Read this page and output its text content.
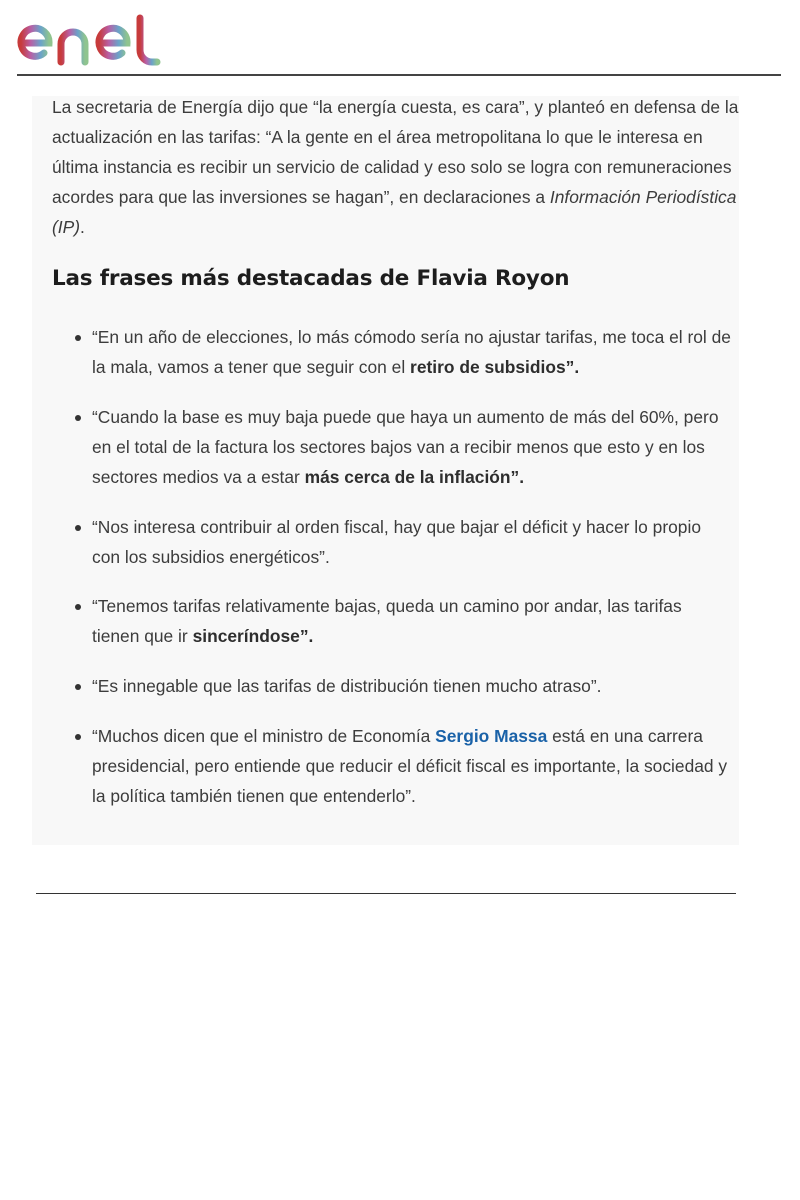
La secretaria de Energía dijo que “la energía cuesta, es cara”, y planteó en defensa de la actualización en las tarifas: “A la gente en el área metropolitana lo que le interesa en última instancia es recibir un servicio de calidad y eso solo se logra con remuneraciones acordes para que las inversiones se hagan”, en declaraciones a Información Periodística (IP).

Las frases más destacadas de Flavia Royon
“En un año de elecciones, lo más cómodo sería no ajustar tarifas, me toca el rol de la mala, vamos a tener que seguir con el retiro de subsidios”.
“Cuando la base es muy baja puede que haya un aumento de más del 60%, pero en el total de la factura los sectores bajos van a recibir menos que esto y en los sectores medios va a estar más cerca de la inflación”.
“Nos interesa contribuir al orden fiscal, hay que bajar el déficit y hacer lo propio con los subsidios energéticos”.
“Tenemos tarifas relativamente bajas, queda un camino por andar, las tarifas tienen que ir sinceríndose”.
“Es innegable que las tarifas de distribución tienen mucho atraso”.
“Muchos dicen que el ministro de Economía Sergio Massa está en una carrera presidencial, pero entiende que reducir el déficit fiscal es importante, la sociedad y la política también tienen que entenderlo”.
